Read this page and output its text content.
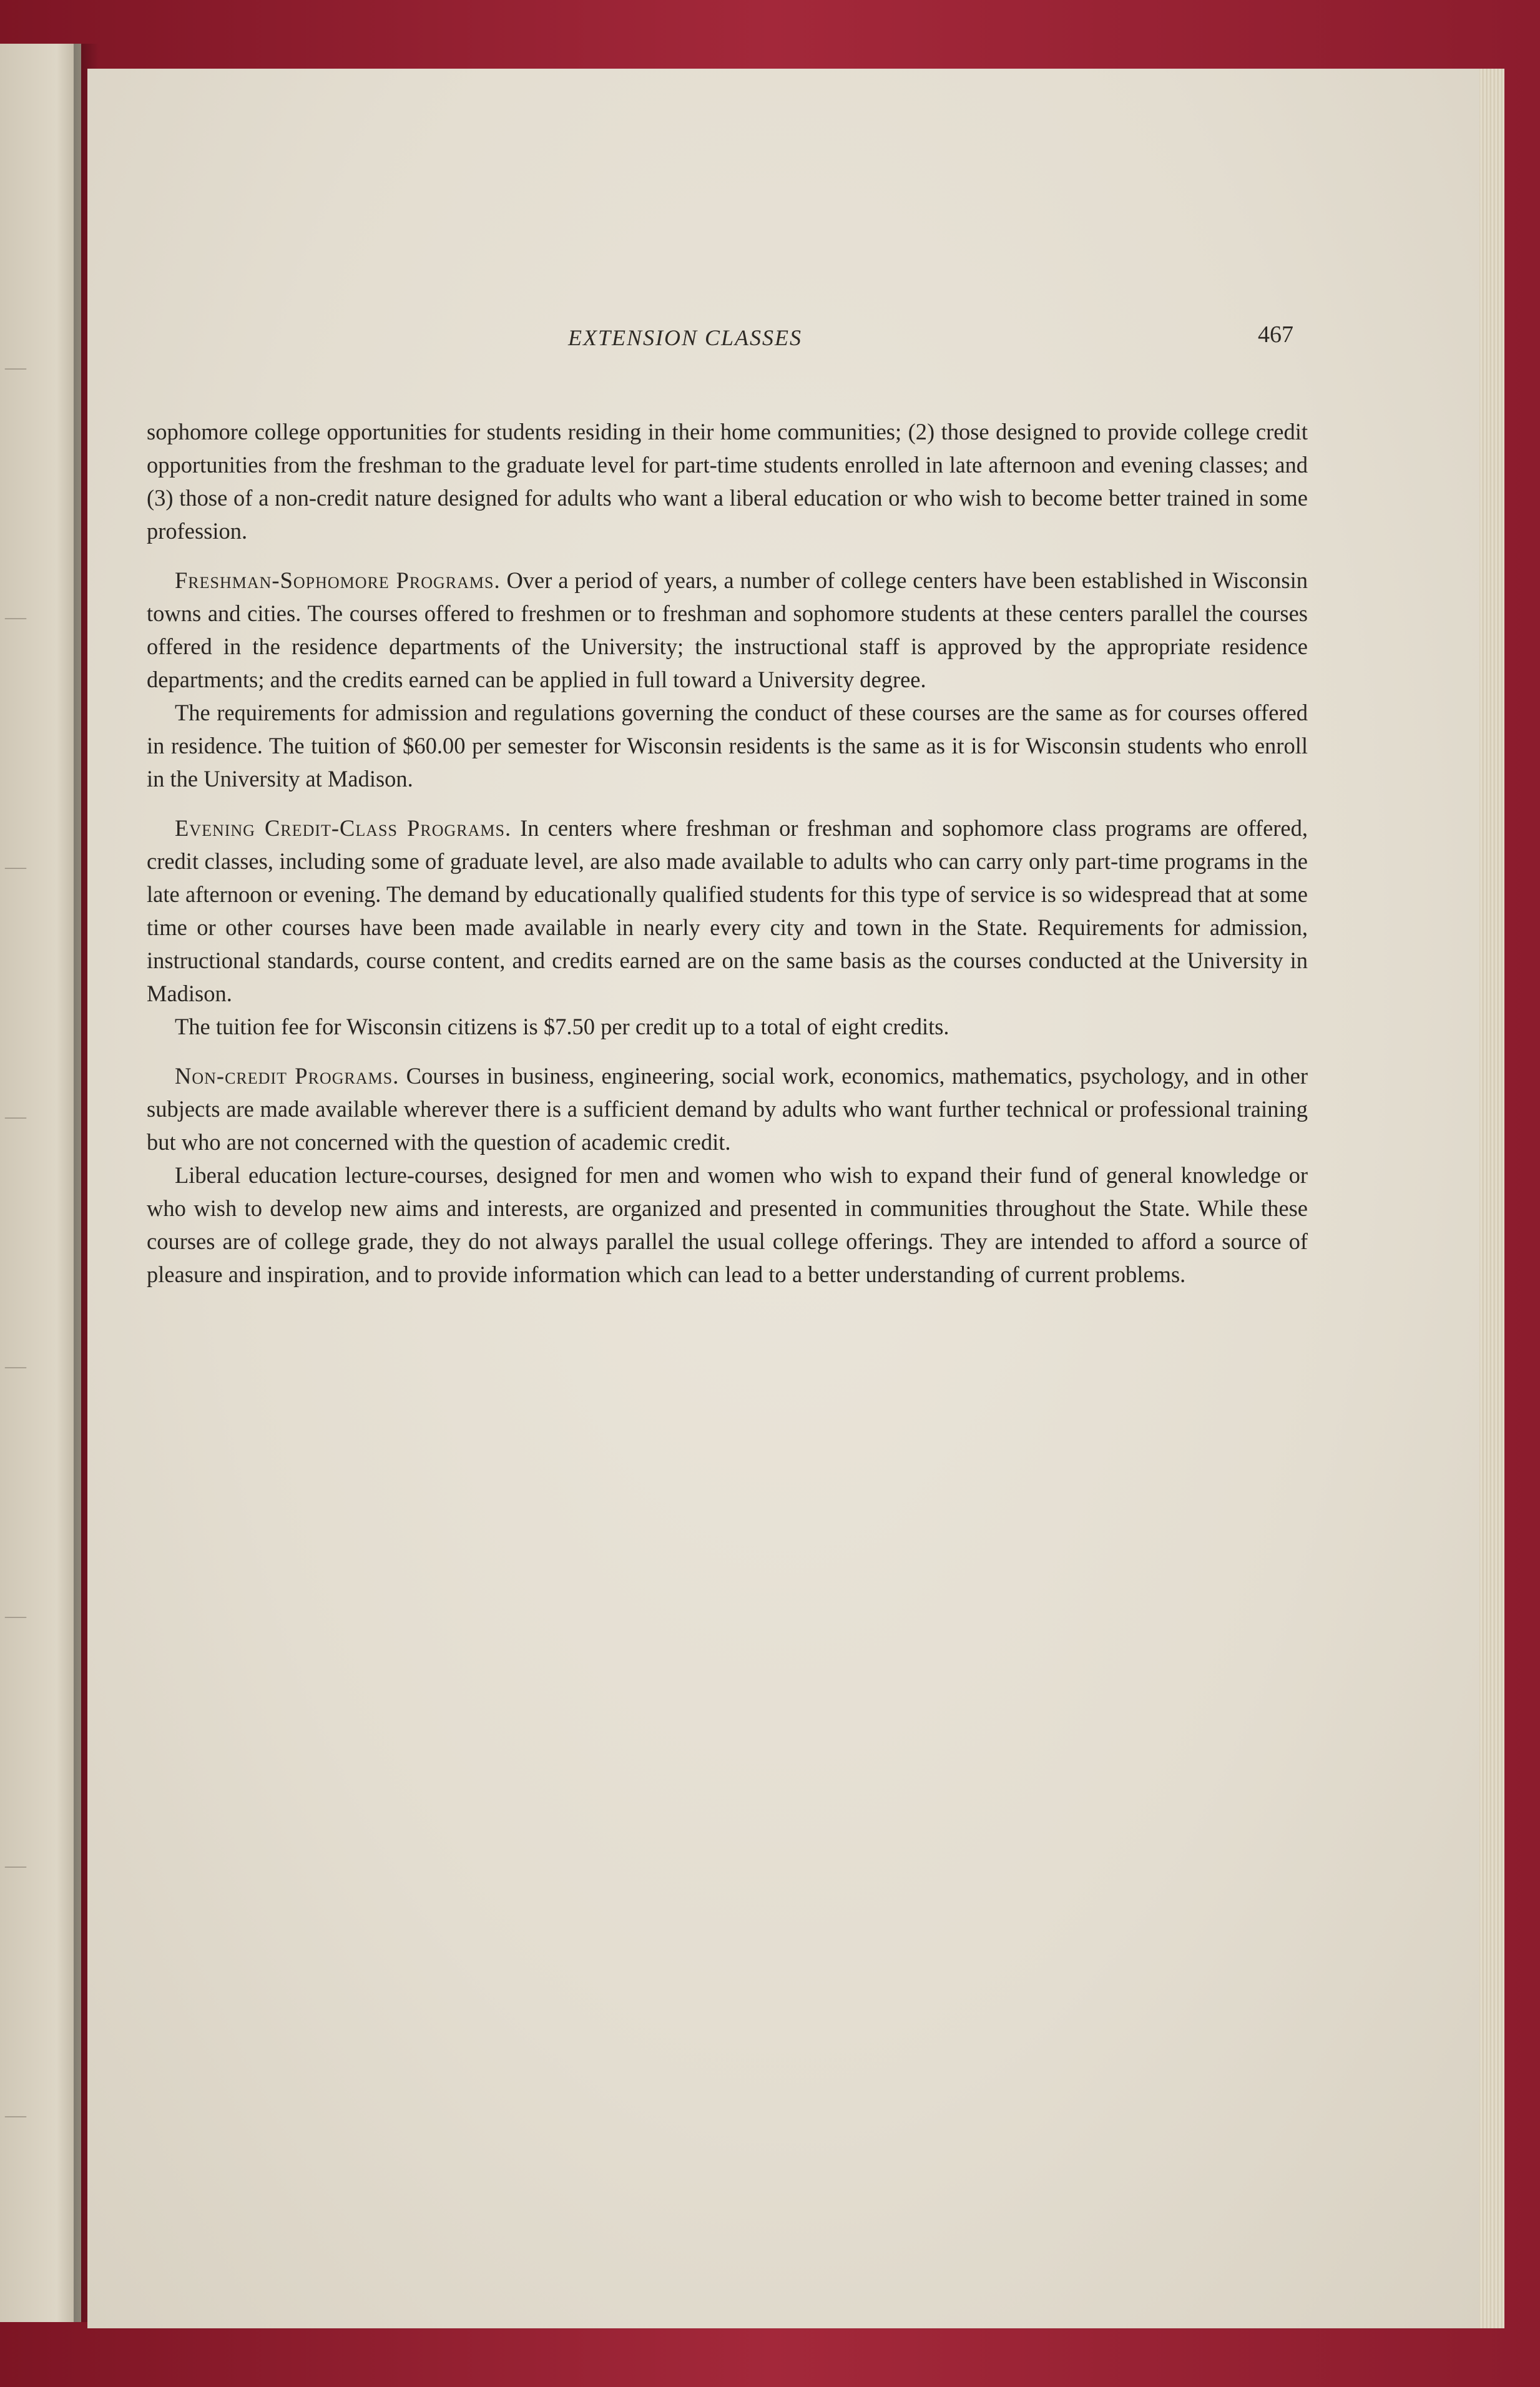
—
—
—
—
—
—
—
—
EXTENSION CLASSES	467

sophomore college opportunities for students residing in their home communities; (2) those designed to provide college credit opportunities from the freshman to the graduate level for part-time students enrolled in late afternoon and evening classes; and (3) those of a non-credit nature designed for adults who want a liberal education or who wish to become better trained in some profession.

Freshman-Sophomore Programs. Over a period of years, a number of college centers have been established in Wisconsin towns and cities. The courses offered to freshmen or to freshman and sophomore students at these centers parallel the courses offered in the residence departments of the University; the instructional staff is approved by the appropriate residence departments; and the credits earned can be applied in full toward a University degree.

The requirements for admission and regulations governing the conduct of these courses are the same as for courses offered in residence. The tuition of $60.00 per semester for Wisconsin residents is the same as it is for Wisconsin students who enroll in the University at Madison.

Evening Credit-Class Programs. In centers where freshman or freshman and sophomore class programs are offered, credit classes, including some of graduate level, are also made available to adults who can carry only part-time programs in the late afternoon or evening. The demand by educationally qualified students for this type of service is so widespread that at some time or other courses have been made available in nearly every city and town in the State. Requirements for admission, instructional standards, course content, and credits earned are on the same basis as the courses conducted at the University in Madison.

The tuition fee for Wisconsin citizens is $7.50 per credit up to a total of eight credits.

Non-credit Programs. Courses in business, engineering, social work, economics, mathematics, psychology, and in other subjects are made available wherever there is a sufficient demand by adults who want further technical or professional training but who are not concerned with the question of academic credit.

Liberal education lecture-courses, designed for men and women who wish to expand their fund of general knowledge or who wish to develop new aims and interests, are organized and presented in communities throughout the State. While these courses are of college grade, they do not always parallel the usual college offerings. They are intended to afford a source of pleasure and inspiration, and to provide information which can lead to a better understanding of current problems.
